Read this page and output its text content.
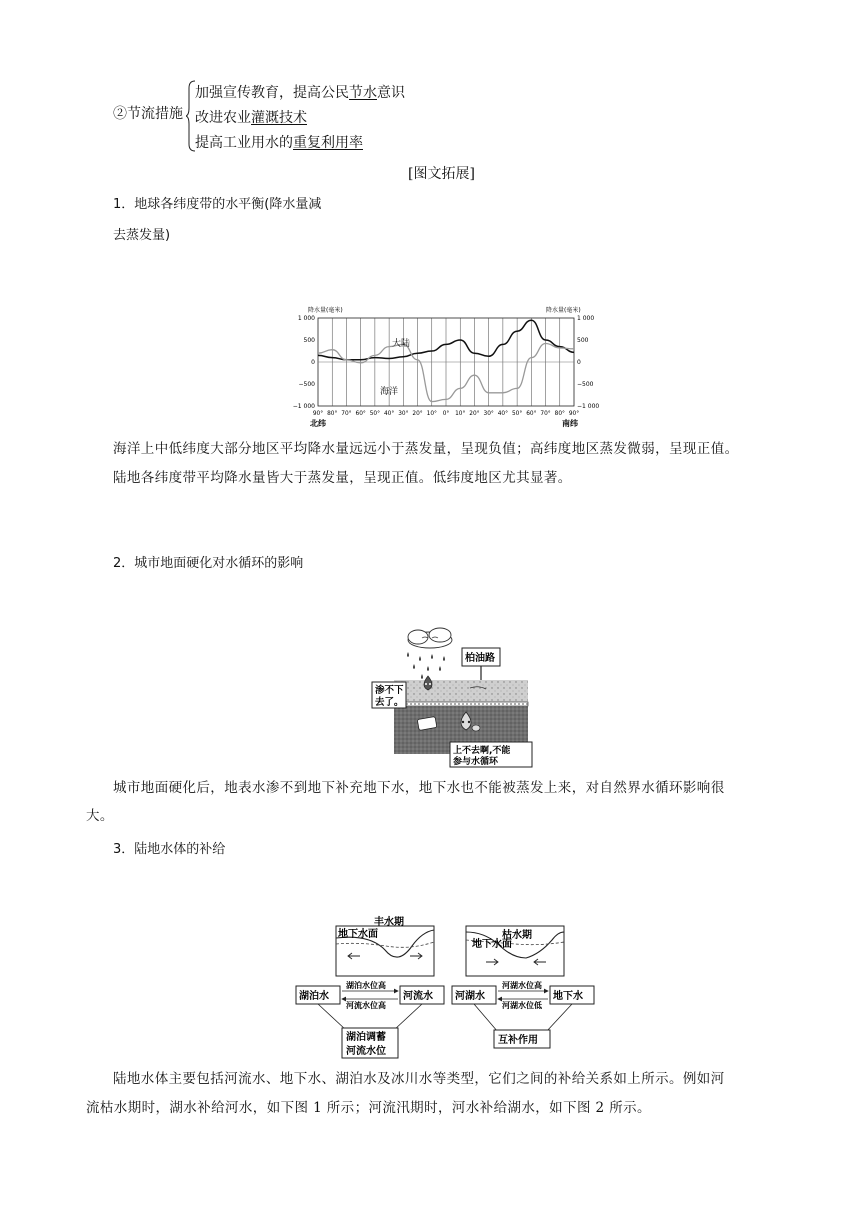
②节流措施
加强宣传教育，提高公民节水意识
改进农业灌溉技术
提高工业用水的重复利用率
[图文拓展]
1．地球各纬度带的水平衡(降水量减
去蒸发量)
90° 80° 70° 60° 50° 40° 30° 20° 10° 0° 10° 20° 30° 40° 50° 60° 70° 80° 90°
1 000
500
0
−500
−1 000
1 000
500
0
−500
−1 000
降水量(毫米)	降水量(毫米)
北纬	南纬
大陆
海洋
海洋上中低纬度大部分地区平均降水量远远小于蒸发量，呈现负值；高纬度地区蒸发微弱，呈现正值。
陆地各纬度带平均降水量皆大于蒸发量，呈现正值。低纬度地区尤其显著。
2．城市地面硬化对水循环的影响
柏油路
渗不下
去了。
上不去啊,不能
参与水循环
城市地面硬化后，地表水渗不到地下补充地下水，地下水也不能被蒸发上来，对自然界水循环影响很
大。
3．陆地水体的补给
丰水期
地下水面
湖泊水	河流水
湖泊水位高
河流水位高
湖泊调蓄
河流水位
枯水期
地下水面
河湖水	地下水
河湖水位高
河湖水位低
互补作用
陆地水体主要包括河流水、地下水、湖泊水及冰川水等类型，它们之间的补给关系如上所示。例如河
流枯水期时，湖水补给河水，如下图 1 所示；河流汛期时，河水补给湖水，如下图 2 所示。
